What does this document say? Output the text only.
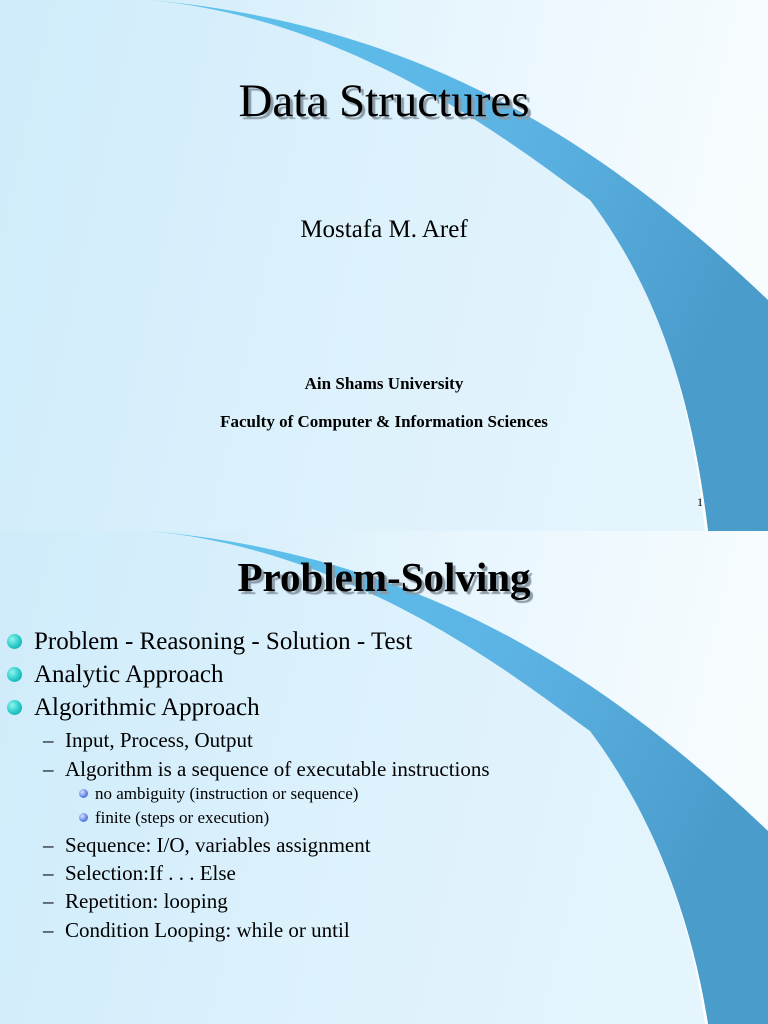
Data Structures
Mostafa M. Aref
Ain Shams University
Faculty of Computer & Information Sciences
1
Problem-Solving
Problem - Reasoning - Solution - Test
Analytic Approach
Algorithmic Approach
– Input, Process, Output
– Algorithm is a sequence of executable instructions
no ambiguity (instruction or sequence)
finite (steps or execution)
– Sequence: I/O, variables assignment
– Selection:If . . . Else
– Repetition: looping
– Condition Looping: while or until
